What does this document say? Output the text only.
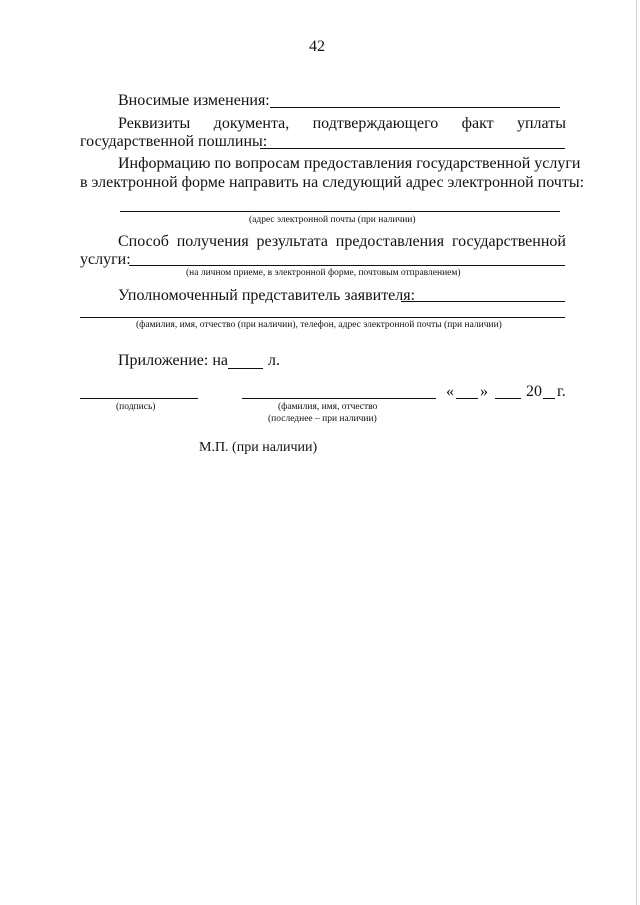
42
Вносимые изменения:
Реквизиты документа, подтверждающего факт уплаты
государственной пошлины:
Информацию по вопросам предоставления государственной услуги
в электронной форме направить на следующий адрес электронной почты:
(адрес электронной почты (при наличии)
Способ получения результата предоставления государственной
услуги:
(на личном приеме, в электронной форме, почтовым отправлением)
Уполномоченный представитель заявителя:
(фамилия, имя, отчество (при наличии), телефон, адрес электронной почты (при наличии)
Приложение: на	л.
(подпись)	(фамилия, имя, отчество
(последнее – при наличии)
« » 20 г.
М.П. (при наличии)
